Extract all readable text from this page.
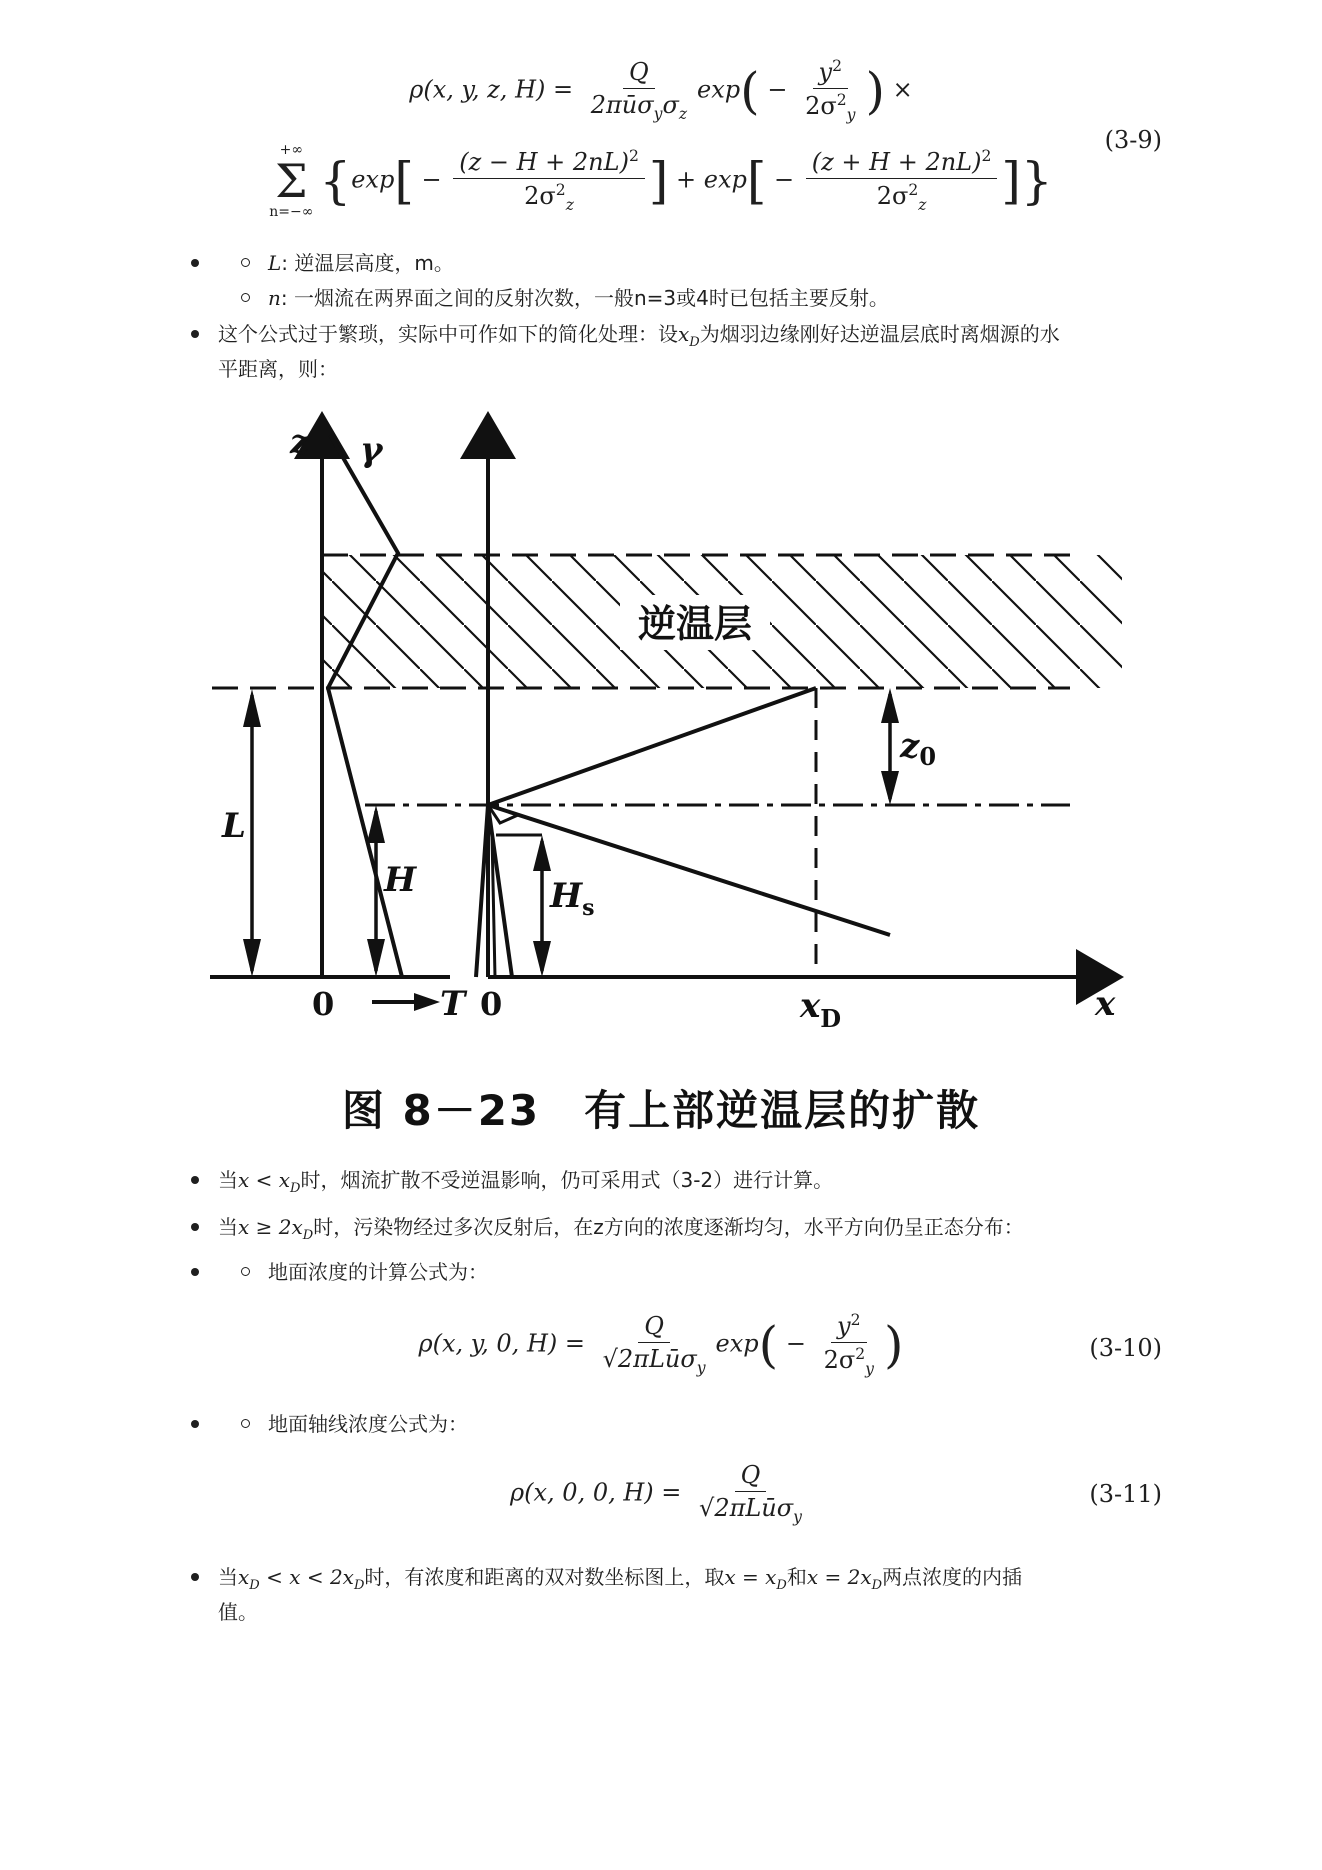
ρ(x, y, z, $H) = \frac{Q}{2\pi ū\sigma_y\sigma_z} \exp( - \frac{y^2}{2\sigma^2_y}$ ) ×
+∞
Σ
n=−∞
{$\exp[ - \frac{(z - H + 2nL)^2}{2\sigma^2_z}$ ] + $\exp[ - \frac{(z + H + 2nL)^2}{2\sigma^2_z}$ ]}
(3-9)
L: 逆温层高度，m。
n: 一烟流在两界面之间的反射次数，一般n=3或4时已包括主要反射。
这个公式过于繁琐，实际中可作如下的简化处理：设$x_D$为烟羽边缘刚好达逆温层底时离烟源的水
平距离，则：
逆温层
z γ
L
H
0	T 0	x
$H_s$
$x_D$
$z_0$
图 8－23　有上部逆温层的扩散
当$x < x_D$时，烟流扩散不受逆温影响，仍可采用式（3-2）进行计算。
当$x \ge 2x_D$时，污染物经过多次反射后，在z方向的浓度逐渐均匀，水平方向仍呈正态分布：
地面浓度的计算公式为：
ρ(x, y, 0, $H) = \frac{Q}{√2\pi Lū\sigma_y} \exp( - \frac{y^2}{2\sigma^2_y}$ )	(3-10)
地面轴线浓度公式为：
ρ(x, 0, 0, $H) = \frac{Q}{√2\pi Lū\sigma_y}$	(3-11)
当$x_D < x < 2x_D$时，有浓度和距离的双对数坐标图上，取$x = x_D$和$x = 2x_D$两点浓度的内插
值。
